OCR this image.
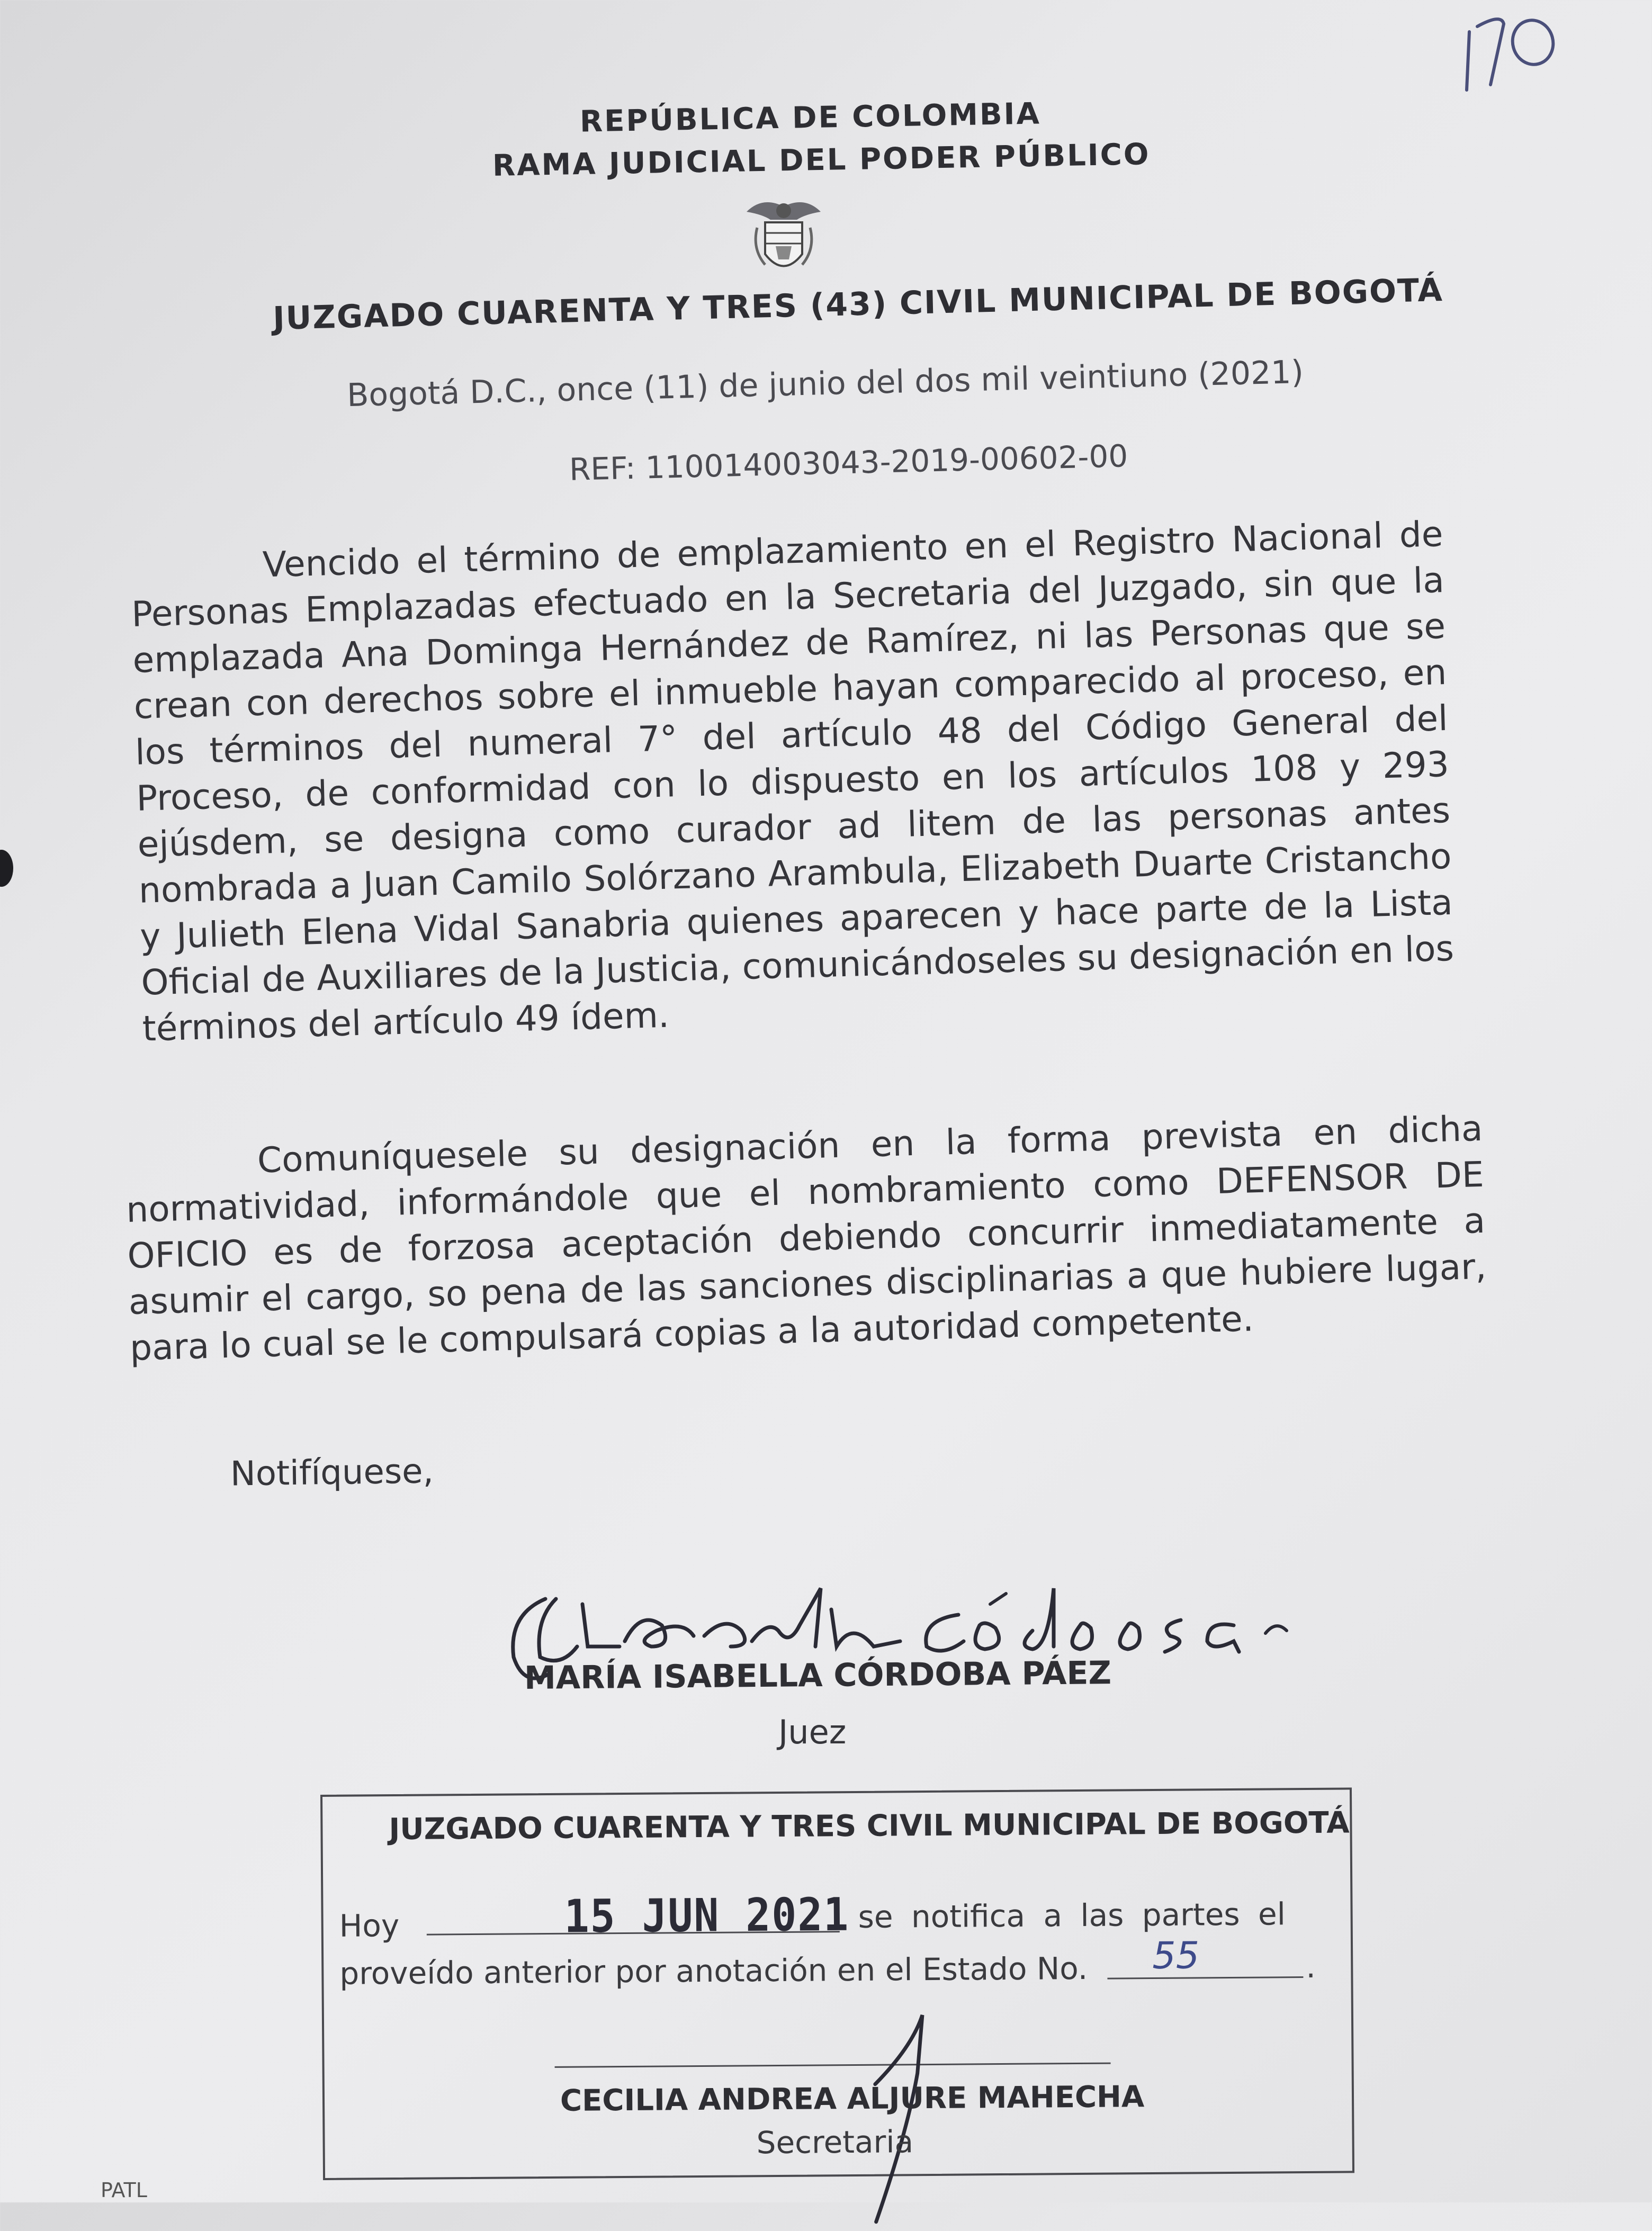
REPÚBLICA DE COLOMBIA
RAMA JUDICIAL DEL PODER PÚBLICO
JUZGADO CUARENTA Y TRES (43) CIVIL MUNICIPAL DE BOGOTÁ
Bogotá D.C., once (11) de junio del dos mil veintiuno (2021)
REF: 110014003043-2019-00602-00
Vencido el término de emplazamiento en el Registro Nacional de Personas Emplazadas efectuado en la Secretaria del Juzgado, sin que la emplazada Ana Dominga Hernández de Ramírez, ni las Personas que se crean con derechos sobre el inmueble hayan comparecido al proceso, en los términos del numeral 7° del artículo 48 del Código General del Proceso, de conformidad con lo dispuesto en los artículos 108 y 293 ejúsdem, se designa como curador ad litem de las personas antes nombrada a Juan Camilo Solórzano Arambula, Elizabeth Duarte Cristancho y Julieth Elena Vidal Sanabria quienes aparecen y hace parte de la Lista Oficial de Auxiliares de la Justicia, comunicándoseles su designación en los términos del artículo 49 ídem.
Comuníquesele su designación en la forma prevista en dicha normatividad, informándole que el nombramiento como DEFENSOR DE OFICIO es de forzosa aceptación debiendo concurrir inmediatamente a asumir el cargo, so pena de las sanciones disciplinarias a que hubiere lugar, para lo cual se le compulsará copias a la autoridad competente.
Notifíquese,
MARÍA ISABELLA CÓRDOBA PÁEZ
Juez
JUZGADO CUARENTA Y TRES CIVIL MUNICIPAL DE BOGOTÁ
Hoy	15 JUN 2021 se notifica a las partes el
proveído anterior por anotación en el Estado No. 55	.
CECILIA ANDREA ALJURE MAHECHA
Secretaria
PATL
